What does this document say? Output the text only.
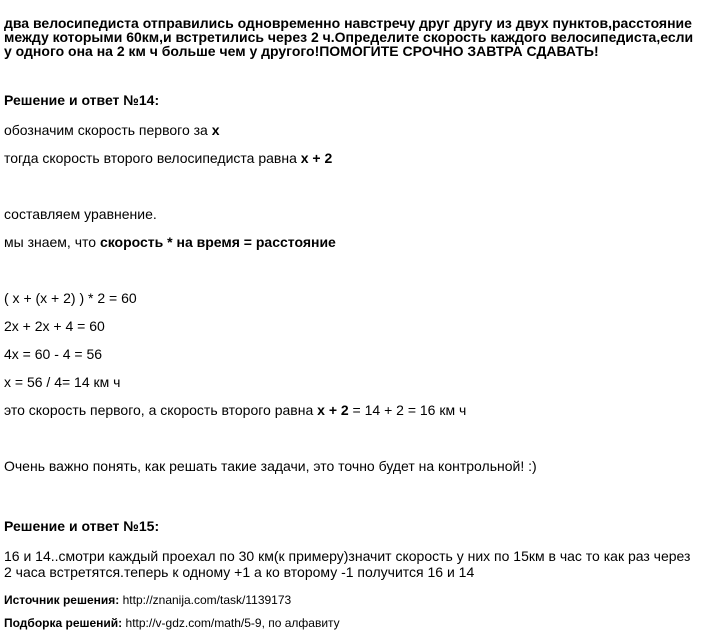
два велосипедиста отправились одновременно навстречу друг другу из двух пунктов,расстояние между которыми 60км,и встретились через 2 ч.Определите скорость каждого велосипедиста,если у одного она на 2 км ч больше чем у другого!ПОМОГИТЕ СРОЧНО ЗАВТРА СДАВАТЬ!
Решение и ответ №14:
обозначим скорость первого за x
тогда скорость второго велосипедиста равна x + 2
составляем уравнение.
мы знаем, что скорость * на время = расстояние
( x + (x + 2) ) * 2 = 60
2x + 2x + 4 = 60
4x = 60 - 4 = 56
x = 56 / 4= 14 км ч
это скорость первого, а скорость второго равна x + 2 = 14 + 2 = 16 км ч
Очень важно понять, как решать такие задачи, это точно будет на контрольной! :)
Решение и ответ №15:
16 и 14..смотри каждый проехал по 30 км(к примеру)значит скорость у них по 15км в час то как раз через 2 часа встретятся.теперь к одному +1 а ко второму -1 получится 16 и 14
Источник решения: http://znanija.com/task/1139173
Подборка решений: http://v-gdz.com/math/5-9, по алфавиту
